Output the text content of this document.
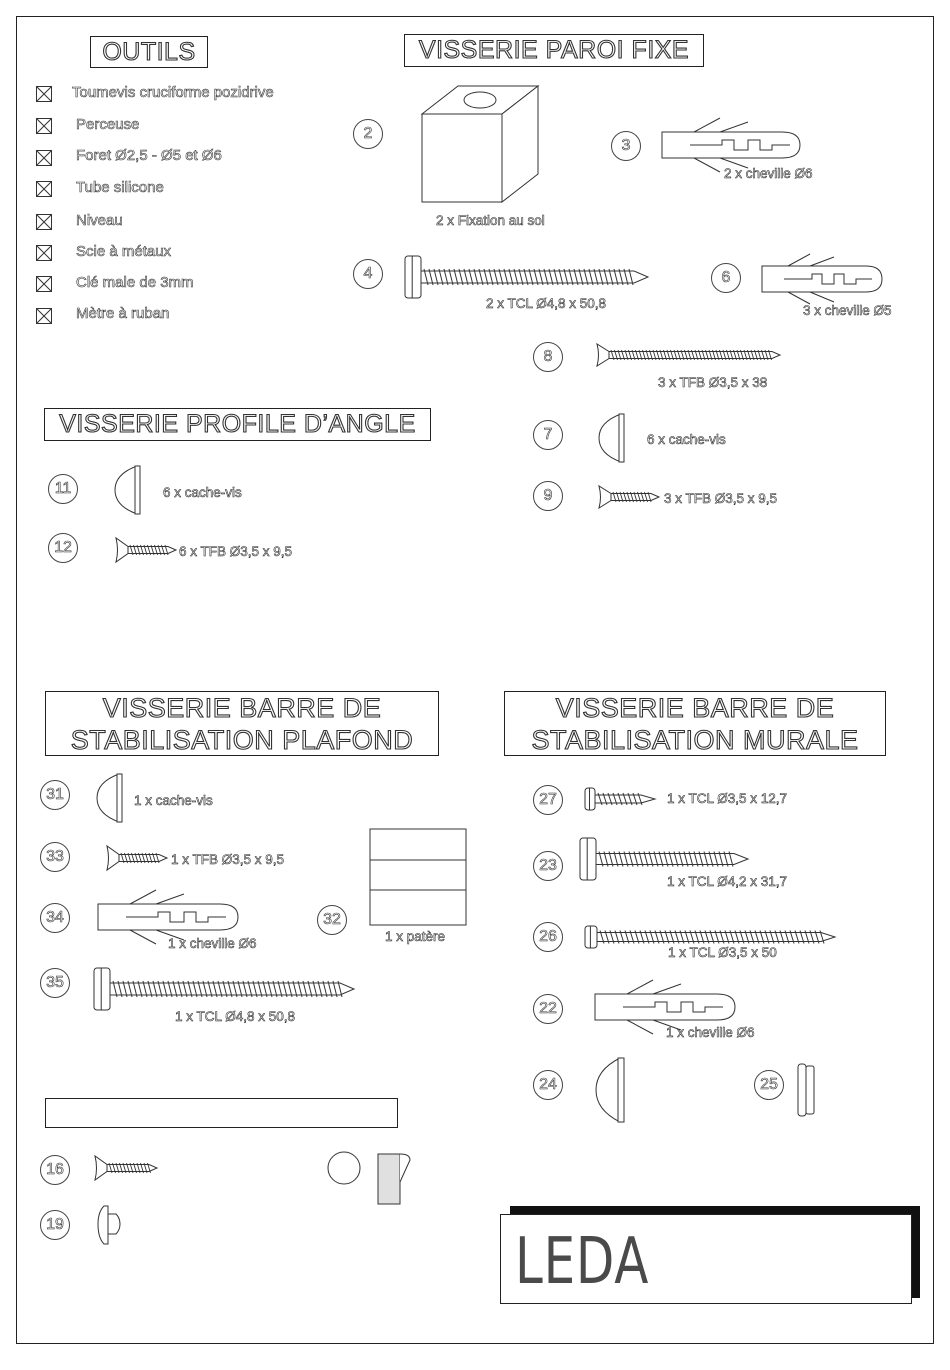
OUTILS
Toumevis cruciforme pozidrive
Perceuse
Foret Ø2,5 - Ø5 et Ø6
Tube silicone
Niveau
Scie à métaux
Clé male de 3mm
Mètre à ruban
VISSERIE PAROI FIXE
2
2 x Fixation au sol
3
2 x cheville Ø6
4
2 x TCL Ø4,8 x 50,8
6
3 x cheville Ø5
8
3 x TFB Ø3,5 x 38
7	6 x cache-vis
9	3 x TFB Ø3,5 x 9,5
VISSERIE PROFILE D’ANGLE
11	6 x cache-vis
12	6 x TFB Ø3,5 x 9,5
VISSERIE BARRE DE
STABILISATION PLAFOND
31	1 x cache-vis
33	1 x TFB Ø3,5 x 9,5
34
1 x cheville Ø6
32
1 x patère
35
1 x TCL Ø4,8 x 50,8
VISSERIE BARRE DE
STABILISATION MURALE
27	1 x TCL Ø3,5 x 12,7
23
1 x TCL Ø4,2 x 31,7
26
1 x TCL Ø3,5 x 50
22
1 x cheville Ø6
24	25
16
19
LEDA
